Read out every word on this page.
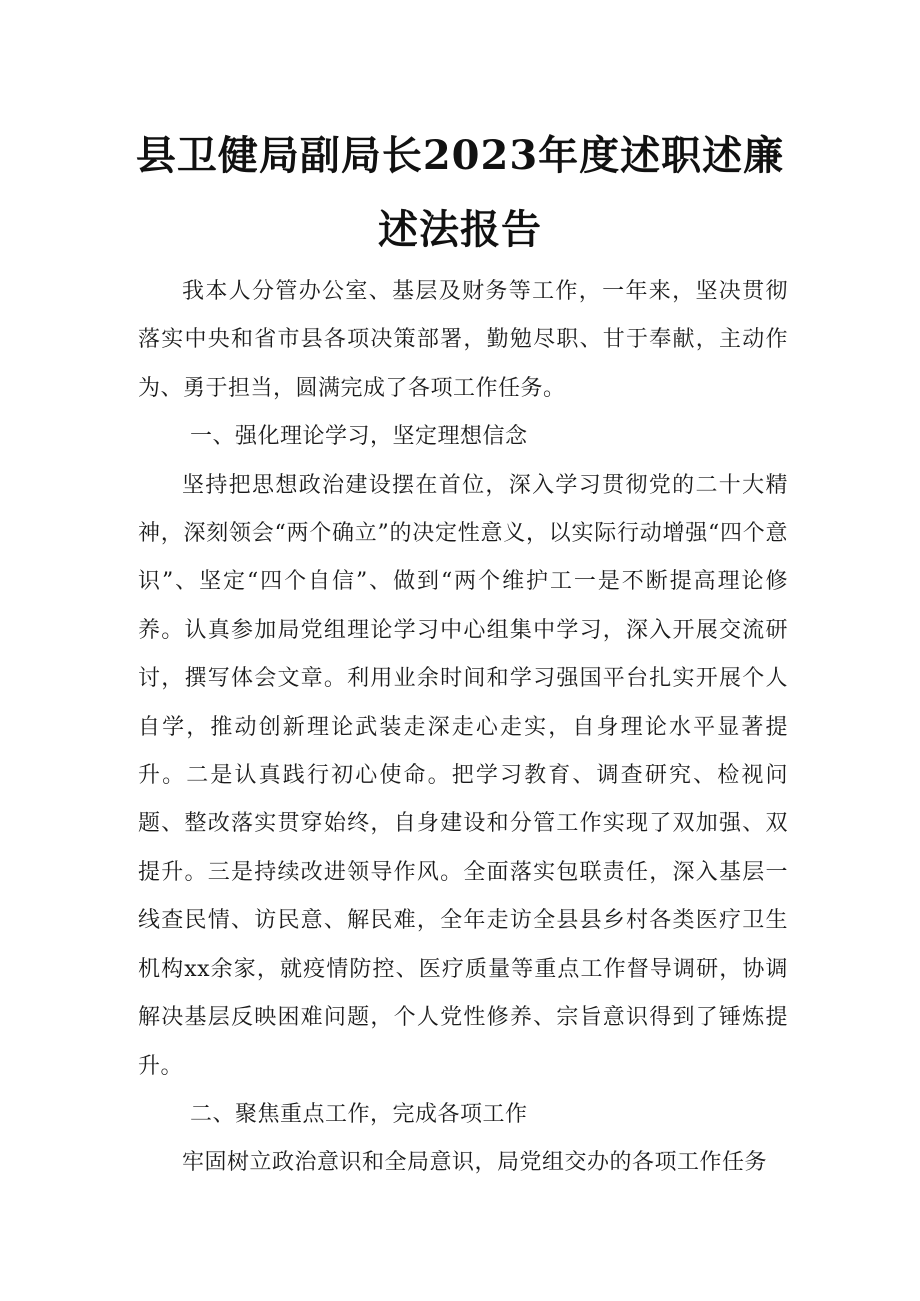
县卫健局副局长2023年度述职述廉
述法报告

我本人分管办公室、基层及财务等工作，一年来，坚决贯彻落实中央和省市县各项决策部署，勤勉尽职、甘于奉献，主动作为、勇于担当，圆满完成了各项工作任务。

一、强化理论学习，坚定理想信念

坚持把思想政治建设摆在首位，深入学习贯彻党的二十大精神，深刻领会“两个确立”的决定性意义，以实际行动增强“四个意识”、坚定“四个自信”、做到“两个维护工一是不断提高理论修养。认真参加局党组理论学习中心组集中学习，深入开展交流研讨，撰写体会文章。利用业余时间和学习强国平台扎实开展个人自学，推动创新理论武装走深走心走实，自身理论水平显著提升。二是认真践行初心使命。把学习教育、调查研究、检视问题、整改落实贯穿始终，自身建设和分管工作实现了双加强、双提升。三是持续改进领导作风。全面落实包联责任，深入基层一线查民情、访民意、解民难，全年走访全县县乡村各类医疗卫生机构xx余家，就疫情防控、医疗质量等重点工作督导调研，协调解决基层反映困难问题，个人党性修养、宗旨意识得到了锤炼提升。

二、聚焦重点工作，完成各项工作

牢固树立政治意识和全局意识，局党组交办的各项工作任务
